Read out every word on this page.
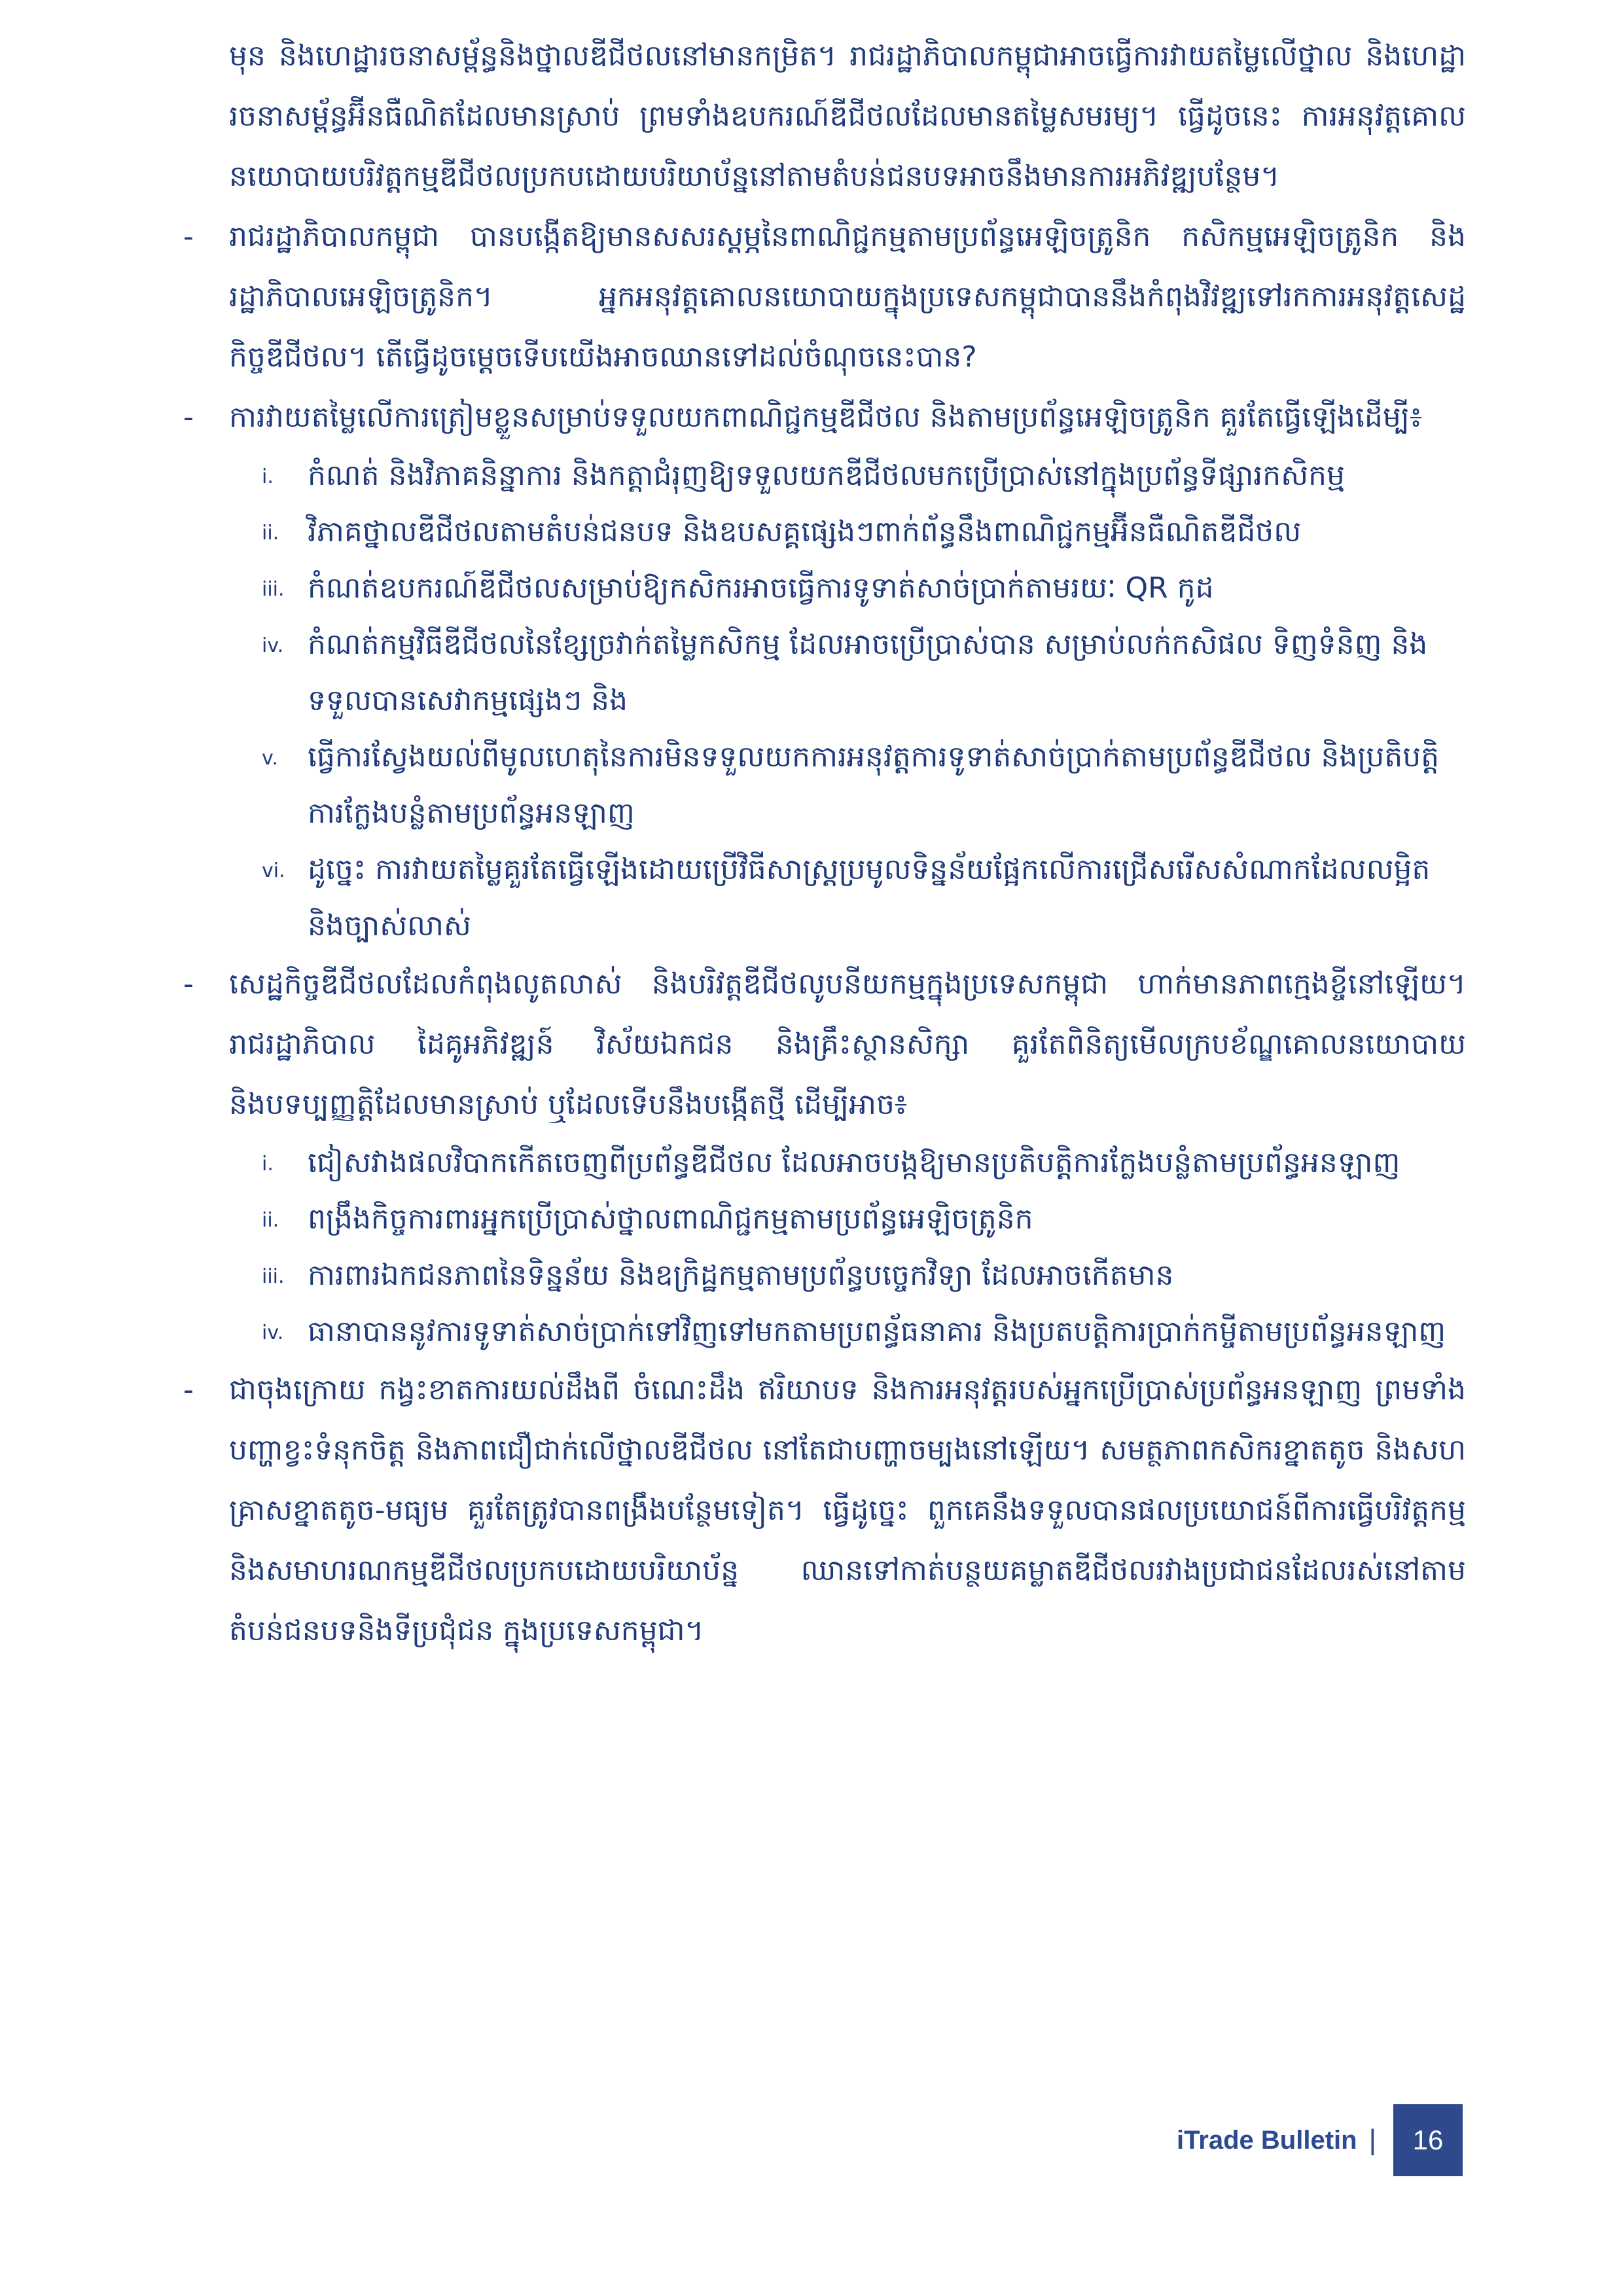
មុន និងហេដ្ឋារចនាសម្ព័ន្ធនិងថ្នាលឌីជីថលនៅមានកម្រិត។ រាជរដ្ឋាភិបាលកម្ពុជាអាចធ្វើការវាយតម្លៃលើថ្នាល និងហេដ្ឋារចនាសម្ព័ន្ធអ៊ីនធឺណិតដែលមានស្រាប់ ព្រមទាំងឧបករណ៍ឌីជីថលដែលមានតម្លៃសមរម្យ។ ធ្វើដូចនេះ ការអនុវត្តគោលនយោបាយបរិវត្តកម្មឌីជីថលប្រកបដោយបរិយាប័ន្ននៅតាមតំបន់ជនបទអាចនឹងមានការអភិវឌ្ឍបន្ថែម។

-	រាជរដ្ឋាភិបាលកម្ពុជា បានបង្កើតឱ្យមានសសរស្តម្ភនៃពាណិជ្ជកម្មតាមប្រព័ន្ធអេឡិចត្រូនិក កសិកម្មអេឡិចត្រូនិក និងរដ្ឋាភិបាលអេឡិចត្រូនិក។ អ្នកអនុវត្តគោលនយោបាយក្នុងប្រទេសកម្ពុជាបាននឹងកំពុងវិវឌ្ឍទៅរកការអនុវត្តសេដ្ឋកិច្ចឌីជីថល។ តើធ្វើដូចម្តេចទើបយើងអាចឈានទៅដល់ចំណុចនេះបាន?

-	ការវាយតម្លៃលើការត្រៀមខ្លួនសម្រាប់ទទួលយកពាណិជ្ជកម្មឌីជីថល និងតាមប្រព័ន្ធអេឡិចត្រូនិក គួរតែធ្វើឡើងដើម្បី៖

i. កំណត់ និងវិភាគនិន្នាការ និងកត្តាជំរុញឱ្យទទួលយកឌីជីថលមកប្រើប្រាស់នៅក្នុងប្រព័ន្ធទីផ្សារកសិកម្ម
ii. វិភាគថ្នាលឌីជីថលតាមតំបន់ជនបទ និងឧបសគ្គផ្សេងៗពាក់ព័ន្ធនឹងពាណិជ្ជកម្មអ៊ីនធឺណិតឌីជីថល
iii. កំណត់ឧបករណ៍ឌីជីថលសម្រាប់ឱ្យកសិករអាចធ្វើការទូទាត់សាច់ប្រាក់តាមរយៈ QR កូដ
iv. កំណត់កម្មវិធីឌីជីថលនៃខ្សែច្រវាក់តម្លៃកសិកម្ម ដែលអាចប្រើប្រាស់បាន សម្រាប់លក់កសិផល ទិញទំនិញ និងទទួលបានសេវាកម្មផ្សេងៗ និង
v. ធ្វើការស្វែងយល់ពីមូលហេតុនៃការមិនទទួលយកការអនុវត្តការទូទាត់សាច់ប្រាក់តាមប្រព័ន្ធឌីជីថល និងប្រតិបត្តិការក្លែងបន្លំតាមប្រព័ន្ធអនឡាញ
vi. ដូច្នេះ ការវាយតម្លៃគួរតែធ្វើឡើងដោយប្រើវិធីសាស្ត្រប្រមូលទិន្នន័យផ្អែកលើការជ្រើសរើសសំណាកដែលលម្អិត និងច្បាស់លាស់

-	សេដ្ឋកិច្ចឌីជីថលដែលកំពុងលូតលាស់ និងបរិវត្តឌីជីថលូបនីយកម្មក្នុងប្រទេសកម្ពុជា ហាក់មានភាពក្មេងខ្ចីនៅឡើយ។ រាជរដ្ឋាភិបាល ដៃគូអភិវឌ្ឍន៍ វិស័យឯកជន និងគ្រឹះស្ថានសិក្សា គួរតែពិនិត្យមើលក្របខ័ណ្ឌគោលនយោបាយ និងបទប្បញ្ញត្តិដែលមានស្រាប់ ឬដែលទើបនឹងបង្កើតថ្មី ដើម្បីអាច៖

i. ជៀសវាងផលវិបាកកើតចេញពីប្រព័ន្ធឌីជីថល ដែលអាចបង្កឱ្យមានប្រតិបត្តិការក្លែងបន្លំតាមប្រព័ន្ធអនឡាញ
ii. ពង្រឹងកិច្ចការពារអ្នកប្រើប្រាស់ថ្នាលពាណិជ្ជកម្មតាមប្រព័ន្ធអេឡិចត្រូនិក
iii. ការពារឯកជនភាពនៃទិន្នន័យ និងឧក្រិដ្ឋកម្មតាមប្រព័ន្ធបច្ចេកវិទ្យា ដែលអាចកើតមាន
iv. ធានាបាននូវការទូទាត់សាច់ប្រាក់ទៅវិញទៅមកតាមប្រពន្ធ័ធនាគារ និងប្រតបត្តិការប្រាក់កម្ចីតាមប្រព័ន្ធអនឡាញ

-	ជាចុងក្រោយ កង្វះខាតការយល់ដឹងពី ចំណេះដឹង ឥរិយាបទ និងការអនុវត្តរបស់អ្នកប្រើប្រាស់ប្រព័ន្ធអនឡាញ ព្រមទាំងបញ្ហាខ្វះទំនុកចិត្ត និងភាពជឿជាក់លើថ្នាលឌីជីថល នៅតែជាបញ្ហាចម្បងនៅឡើយ។ សមត្ថភាពកសិករខ្នាតតូច និងសហគ្រាសខ្នាតតូច-មធ្យម គួរតែត្រូវបានពង្រឹងបន្ថែមទៀត។ ធ្វើដូច្នេះ ពួកគេនឹងទទួលបានផលប្រយោជន៍ពីការធ្វើបរិវត្តកម្មនិងសមាហរណកម្មឌីជីថលប្រកបដោយបរិយាប័ន្ន ឈានទៅកាត់បន្ថយគម្លាតឌីជីថលរវាងប្រជាជនដែលរស់នៅតាមតំបន់ជនបទនិងទីប្រជុំជន ក្នុងប្រទេសកម្ពុជា។

iTrade Bulletin |	16
